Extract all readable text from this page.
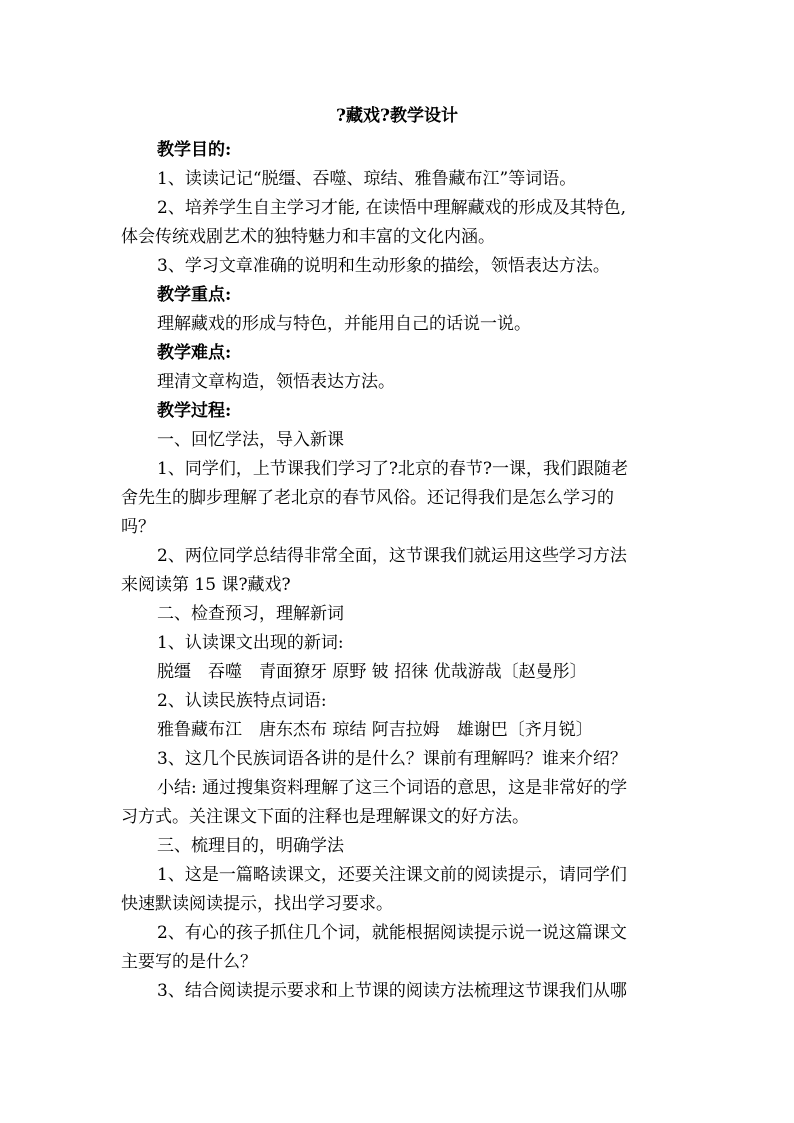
?藏戏?教学设计
教学目的:
1、读读记记“脱缰、吞噬、琼结、雅鲁藏布江”等词语。
2、培养学生自主学习才能, 在读悟中理解藏戏的形成及其特色,
体会传统戏剧艺术的独特魅力和丰富的文化内涵。
3、学习文章准确的说明和生动形象的描绘，领悟表达方法。
教学重点:
理解藏戏的形成与特色，并能用自己的话说一说。
教学难点:
理清文章构造，领悟表达方法。
教学过程:
一、回忆学法，导入新课
1、同学们，上节课我们学习了?北京的春节?一课，我们跟随老
舍先生的脚步理解了老北京的春节风俗。还记得我们是怎么学习的
吗？
2、两位同学总结得非常全面，这节课我们就运用这些学习方法
来阅读第 15 课?藏戏?
二、检查预习，理解新词
1、认读课文出现的新词:
脱缰　吞噬　青面獠牙 原野 铍 招徕 优哉游哉〔赵曼彤〕
2、认读民族特点词语:
雅鲁藏布江　唐东杰布 琼结 阿吉拉姆　雄谢巴〔齐月锐〕
3、这几个民族词语各讲的是什么？课前有理解吗？谁来介绍？
小结: 通过搜集资料理解了这三个词语的意思，这是非常好的学
习方式。关注课文下面的注释也是理解课文的好方法。
三、梳理目的，明确学法
1、这是一篇略读课文，还要关注课文前的阅读提示，请同学们
快速默读阅读提示，找出学习要求。
2、有心的孩子抓住几个词，就能根据阅读提示说一说这篇课文
主要写的是什么？
3、结合阅读提示要求和上节课的阅读方法梳理这节课我们从哪
